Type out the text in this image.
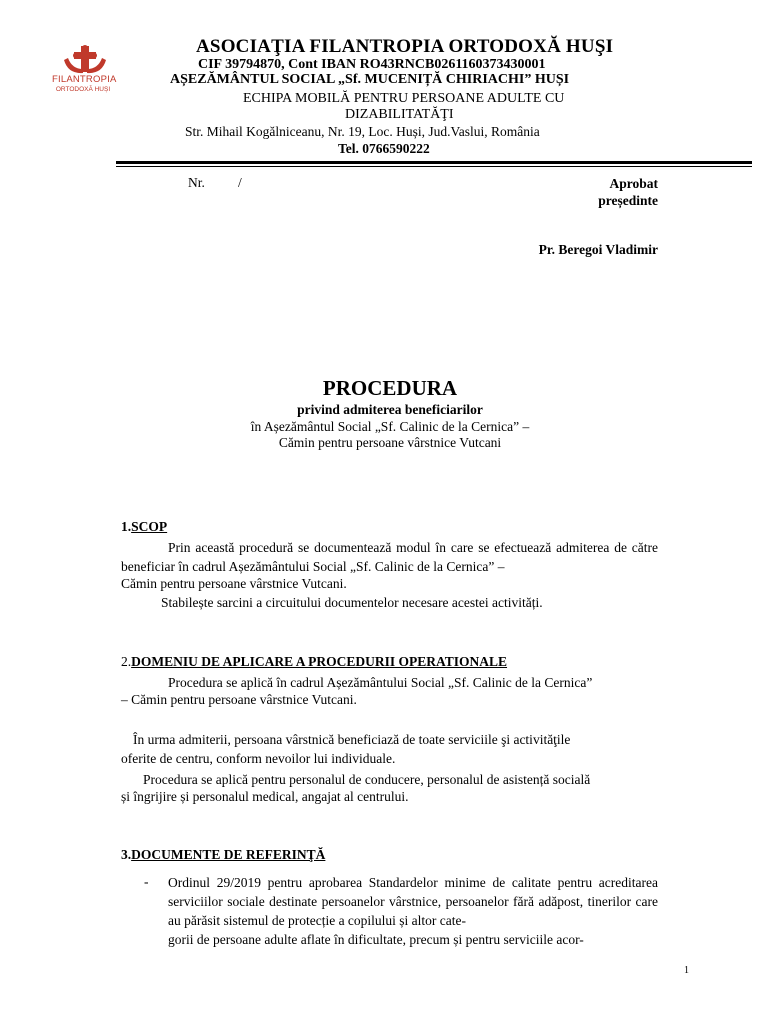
FILANTROPIA
ORTODOXĂ HUȘI
ASOCIAŢIA FILANTROPIA ORTODOXĂ HUŞI
CIF 39794870, Cont IBAN RO43RNCB0261160373430001
AȘEZĂMÂNTUL SOCIAL „Sf. MUCENIȚĂ CHIRIACHI” HUȘI
ECHIPA MOBILĂ PENTRU PERSOANE ADULTE CU
DIZABILITATĂŢI
Str. Mihail Kogălniceanu, Nr. 19, Loc. Huși, Jud.Vaslui, România
Tel. 0766590222
Nr. /	Aprobat
președinte
Pr. Beregoi Vladimir
PROCEDURA
privind admiterea beneficiarilor
în Așezământul Social „Sf. Calinic de la Cernica” –
Cămin pentru persoane vârstnice Vutcani
1.SCOP
Prin această procedură se documentează modul în care se efectuează admiterea de către beneficiar în cadrul Așezământului Social „Sf. Calinic de la Cernica” –
Cămin pentru persoane vârstnice Vutcani.
Stabilește sarcini a circuitului documentelor necesare acestei activități.
2.DOMENIU DE APLICARE A PROCEDURII OPERATIONALE
Procedura se aplică în cadrul Așezământului Social „Sf. Calinic de la Cernica”
– Cămin pentru persoane vârstnice Vutcani.
În urma admiterii, persoana vârstnică beneficiază de toate serviciile şi activităţile
oferite de centru, conform nevoilor lui individuale.
Procedura se aplică pentru personalul de conducere, personalul de asistență socială
și îngrijire și personalul medical, angajat al centrului.
3.DOCUMENTE DE REFERINŢĂ
- Ordinul 29/2019 pentru aprobarea Standardelor minime de calitate pentru acreditarea serviciilor sociale destinate persoanelor vârstnice, persoanelor fără adăpost, tinerilor care au părăsit sistemul de protecție a copilului și altor cate-
gorii de persoane adulte aflate în dificultate, precum și pentru serviciile acor-
1
